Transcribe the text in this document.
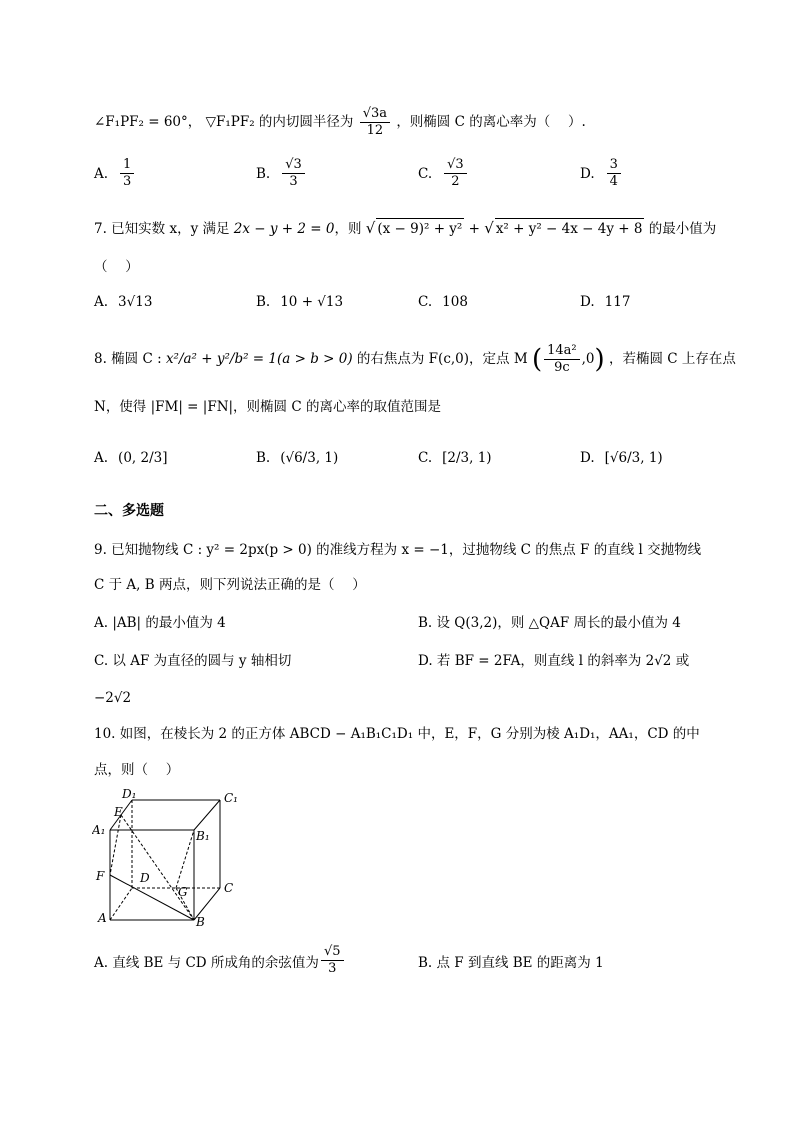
∠F₁PF₂ = 60°， ▽F₁PF₂ 的内切圆半径为 $\frac{√3a}{12}$ ，则椭圆 C 的离心率为（　 ）.
A. $\frac{1}{3}$	B. $\frac{√3}{3}$	C. $\frac{√3}{2}$	D. $\frac{3}{4}$
7. 已知实数 x，y 满足 2x − y + 2 = 0，则 √ (x − 9)² + y² + √ x² + y² − 4x − 4y + 8 的最小值为
（　 ）
A. 3√13	B. 10 + √13	C. 108	D. 117
8. 椭圆 C : x²/a² + y²/b² = 1(a > b > 0) 的右焦点为 F(c,0)，定点 M ( $\frac{\text{14a²}}{9c} ,0$) ，若椭圆 C 上存在点
N，使得 |FM| = |FN|，则椭圆 C 的离心率的取值范围是
A. (0, 2/3]	B. (√6/3, 1)	C. [2/3, 1)	D. [√6/3, 1)
二、多选题
9. 已知抛物线 C : y² = 2px(p > 0) 的准线方程为 x = −1，过抛物线 C 的焦点 F 的直线 l 交抛物线
C 于 A, B 两点，则下列说法正确的是（　 ）
A. |AB| 的最小值为 4	B. 设 Q(3,2)，则 △QAF 周长的最小值为 4
C. 以 AF 为直径的圆与 y 轴相切	D. 若 BF = 2FA，则直线 l 的斜率为 2√2 或
−2√2
10. 如图，在棱长为 2 的正方体 ABCD − A₁B₁C₁D₁ 中，E，F，G 分别为棱 A₁D₁，AA₁，CD 的中
点，则（　 ）
D₁	C₁
E
A₁	B₁
F	D
G	C
A	B
A. 直线 BE 与 CD 所成角的余弦值为 $\frac{√5}{3}$	B. 点 F 到直线 BE 的距离为 1
